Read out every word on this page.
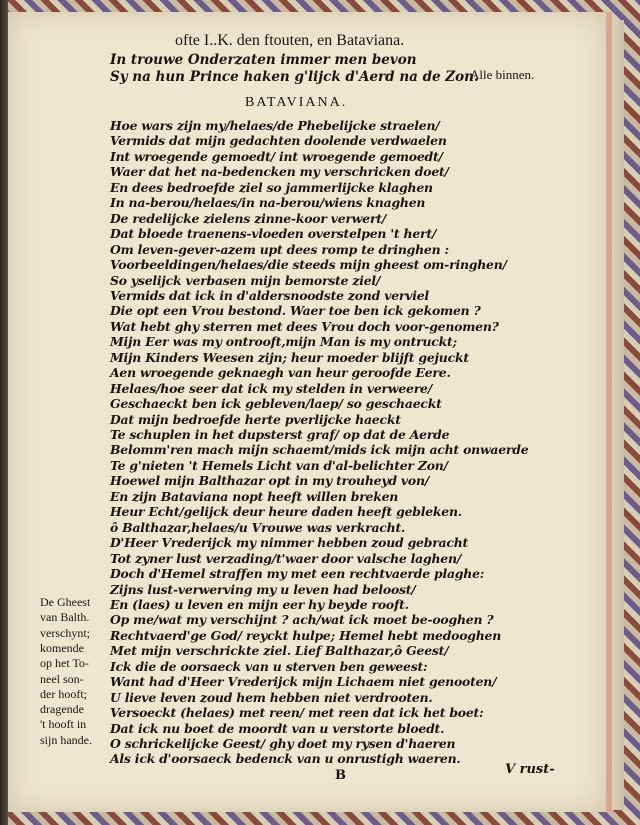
ofte I..K. den ftouten, en Bataviana.
In trouwe Onderzaten immer men bevon
Sy na hun Prince haken g'lijck d'Aerd na de Zon.
Alle binnen.
BATAVIANA.
Hoe wars zijn my/helaes/de Phebelijcke straelen/
Vermids dat mijn gedachten doolende verdwaelen
Int wroegende gemoedt/ int wroegende gemoedt/
Waer dat het na-bedencken my verschricken doet/
En dees bedroefde ziel so jammerlijcke klaghen
In na-berou/helaes/in na-berou/wiens knaghen
De redelijcke zielens zinne-koor verwert/
Dat bloede traenens-vloeden overstelpen 't hert/
Om leven-gever-azem upt dees romp te dringhen :
Voorbeeldingen/helaes/die steeds mijn gheest om-ringhen/
So yselijck verbasen mijn bemorste ziel/
Vermids dat ick in d'aldersnoodste zond verviel
Die opt een Vrou bestond. Waer toe ben ick gekomen ?
Wat hebt ghy sterren met dees Vrou doch voor-genomen?
Mijn Eer was my ontrooft,mijn Man is my ontruckt;
Mijn Kinders Weesen zijn; heur moeder blijft gejuckt
Aen wroegende geknaegh van heur geroofde Eere.
Helaes/hoe seer dat ick my stelden in verweere/
Geschaeckt ben ick gebleven/laep/ so geschaeckt
Dat mijn bedroefde herte pverlijcke haeckt
Te schuplen in het dupsterst graf/ op dat de Aerde
Belomm'ren mach mijn schaemt/mids ick mijn acht onwaerde
Te g'nieten 't Hemels Licht van d'al-belichter Zon/
Hoewel mijn Balthazar opt in my trouheyd von/
En zijn Bataviana nopt heeft willen breken
Heur Echt/gelijck deur heure daden heeft gebleken.
ô Balthazar,helaes/u Vrouwe was verkracht.
D'Heer Vrederijck my nimmer hebben zoud gebracht
Tot zyner lust verzading/t'waer door valsche laghen/
Doch d'Hemel straffen my met een rechtvaerde plaghe:
Zijns lust-verwerving my u leven had beloost/
En (laes) u leven en mijn eer hy beyde rooft.
Op me/wat my verschijnt ? ach/wat ick moet be-ooghen ?
Rechtvaerd'ge God/ reyckt hulpe; Hemel hebt medooghen
Met mijn verschrickte ziel. Lief Balthazar,ô Geest/
Ick die de oorsaeck van u sterven ben geweest:
Want had d'Heer Vrederijck mijn Lichaem niet genooten/
U lieve leven zoud hem hebben niet verdrooten.
Versoeckt (helaes) met reen/ met reen dat ick het boet:
Dat ick nu boet de moordt van u verstorte bloedt.
O schrickelijcke Geest/ ghy doet my rysen d'haeren
Als ick d'oorsaeck bedenck van u onrustigh waeren.
De Gheest
van Balth.
verschynt;
komende
op het To-
neel son-
der hooft;
dragende
't hooft in
sijn hande.
B	V rust-
